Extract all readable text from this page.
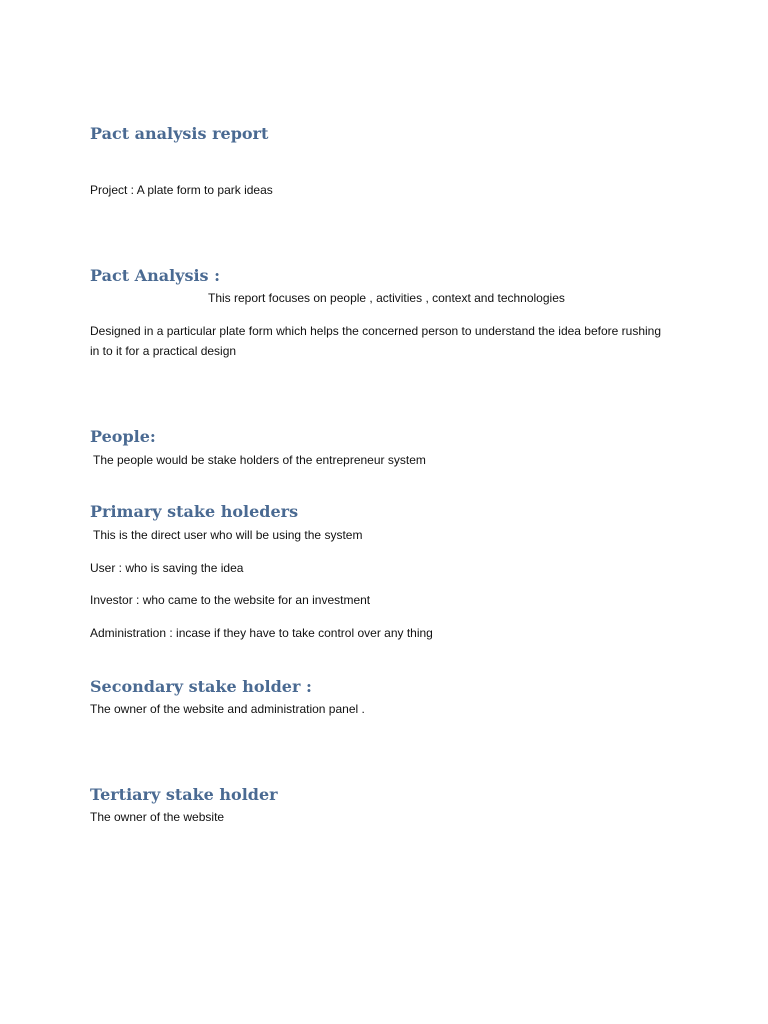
Pact analysis report

Project : A plate form to park ideas

Pact Analysis :

This report focuses on people , activities , context and technologies

Designed in a particular plate form which helps the concerned person to understand the idea before rushing in to it for a practical design

People:

The people would be stake holders of the entrepreneur system

Primary stake holeders

This is the direct user who will be using the system

User : who is saving the idea

Investor : who came to the website for an investment

Administration : incase if they have to take control over any thing

Secondary stake holder :

The owner of the website and administration panel .

Tertiary stake holder

The owner of the website
